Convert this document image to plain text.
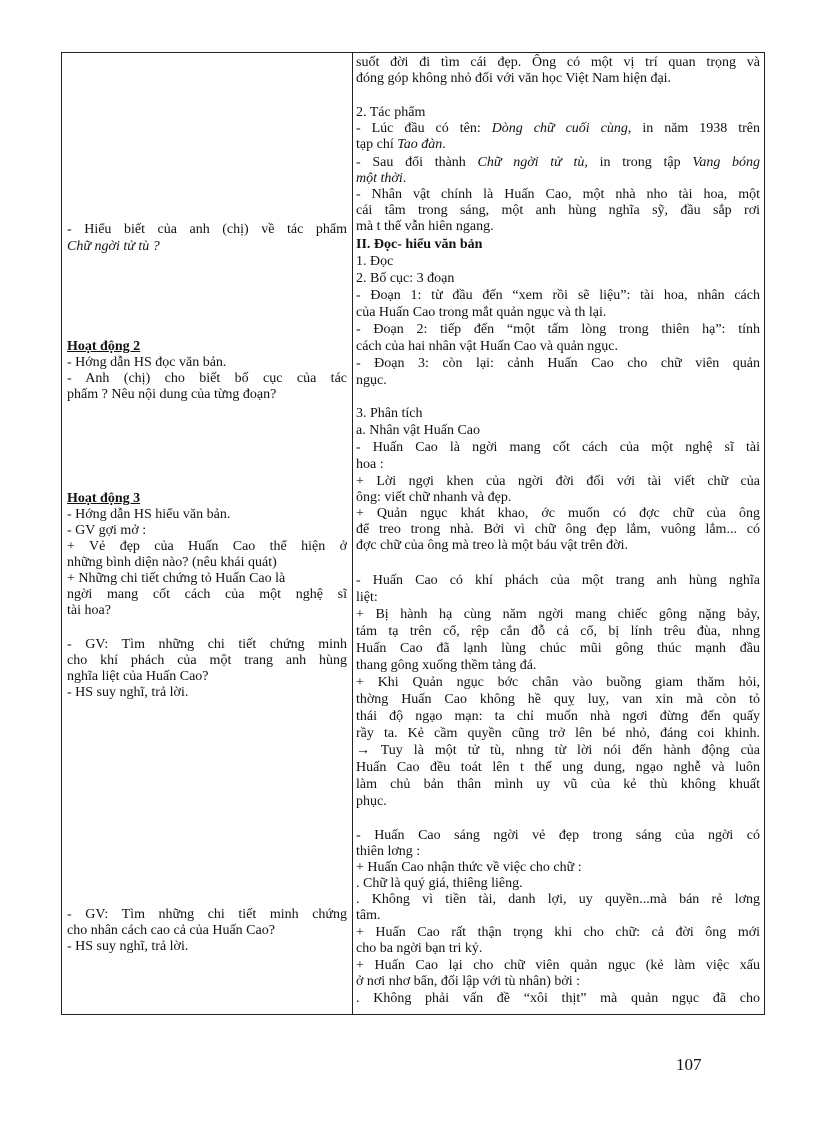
- Hiểu biết của anh (chị) về tác phẩm
Chữ ngời tử tù ?
Hoạt động 2
- Hớng dẫn HS đọc văn bản.
- Anh (chị) cho biết bố cục của tác
phẩm ? Nêu nội dung của từng đoạn?
Hoạt động 3
- Hớng dẫn HS hiểu văn bản.
- GV gợi mở :
+ Vẻ đẹp của Huấn Cao thể hiện ở
những bình diện nào? (nêu khái quát)
+ Những chi tiết chứng tỏ Huấn Cao là
ngời mang cốt cách của một nghệ sĩ
tài hoa?
- GV: Tìm những chi tiết chứng minh
cho khí phách của một trang anh hùng
nghĩa liệt của Huấn Cao?
- HS suy nghĩ, trả lời.
- GV: Tìm những chi tiết minh chứng
cho nhân cách cao cả của Huấn Cao?
- HS suy nghĩ, trả lời.
suốt đời đi tìm cái đẹp. Ông có một vị trí quan trọng và
đóng góp không nhỏ đối với văn học Việt Nam hiện đại.
2. Tác phẩm
- Lúc đầu có tên: Dòng chữ cuối cùng, in năm 1938 trên
tạp chí Tao đàn.
- Sau đổi thành Chữ ngời tử tù, in trong tập Vang bóng
một thời.
- Nhân vật chính là Huấn Cao, một nhà nho tài hoa, một
cái tâm trong sáng, một anh hùng nghĩa sỹ, đầu sắp rơi
mà t thế vẫn hiên ngang.
II. Đọc- hiểu văn bản
1. Đọc
2. Bố cục: 3 đoạn
- Đoạn 1: từ đầu đến “xem rồi sẽ liệu”: tài hoa, nhân cách
của Huấn Cao trong mắt quản ngục và th lại.
- Đoạn 2: tiếp đến “một tấm lòng trong thiên hạ”: tính
cách của hai nhân vật Huấn Cao và quản ngục.
- Đoạn 3: còn lại: cảnh Huấn Cao cho chữ viên quản
ngục.
3. Phân tích
a. Nhân vật Huấn Cao
- Huấn Cao là ngời mang cốt cách của một nghệ sĩ tài
hoa :
+ Lời ngợi khen của ngời đời đối với tài viết chữ của
ông: viết chữ nhanh và đẹp.
+ Quản ngục khát khao, ớc muốn có đợc chữ của ông
để treo trong nhà. Bởi vì chữ ông đẹp lắm, vuông lắm... có
đợc chữ của ông mà treo là một báu vật trên đời.
- Huấn Cao có khí phách của một trang anh hùng nghĩa
liệt:
+ Bị hành hạ cùng năm ngời mang chiếc gông nặng bảy,
tám tạ trên cổ, rệp cắn đỗ cả cổ, bị lính trêu đùa, nhng
Huấn Cao đã lạnh lùng chúc mũi gông thúc mạnh đầu
thang gông xuống thềm tảng đá.
+ Khi Quản ngục bớc chân vào buồng giam thăm hỏi,
thờng Huấn Cao không hề quỵ luỵ, van xin mà còn tỏ
thái độ ngạo mạn: ta chỉ muốn nhà ngơi đừng đến quấy
rầy ta. Kẻ cầm quyền cũng trở lên bé nhỏ, đáng coi khinh.
→ Tuy là một tử tù, nhng từ lời nói đến hành động của
Huấn Cao đều toát lên t thế ung dung, ngạo nghễ và luôn
làm chủ bản thân mình uy vũ của kẻ thù không khuất
phục.
- Huấn Cao sáng ngời vẻ đẹp trong sáng của ngời có
thiên lơng :
+ Huấn Cao nhận thức về việc cho chữ :
. Chữ là quý giá, thiêng liêng.
. Không vì tiền tài, danh lợi, uy quyền...mà bán rẻ lơng
tâm.
+ Huấn Cao rất thận trọng khi cho chữ: cả đời ông mới
cho ba ngời bạn tri kỷ.
+ Huấn Cao lại cho chữ viên quản ngục (kẻ làm việc xấu
ở nơi nhơ bẩn, đối lập với tù nhân) bởi :
. Không phải vấn đề “xôi thịt” mà quản ngục đã cho
107
